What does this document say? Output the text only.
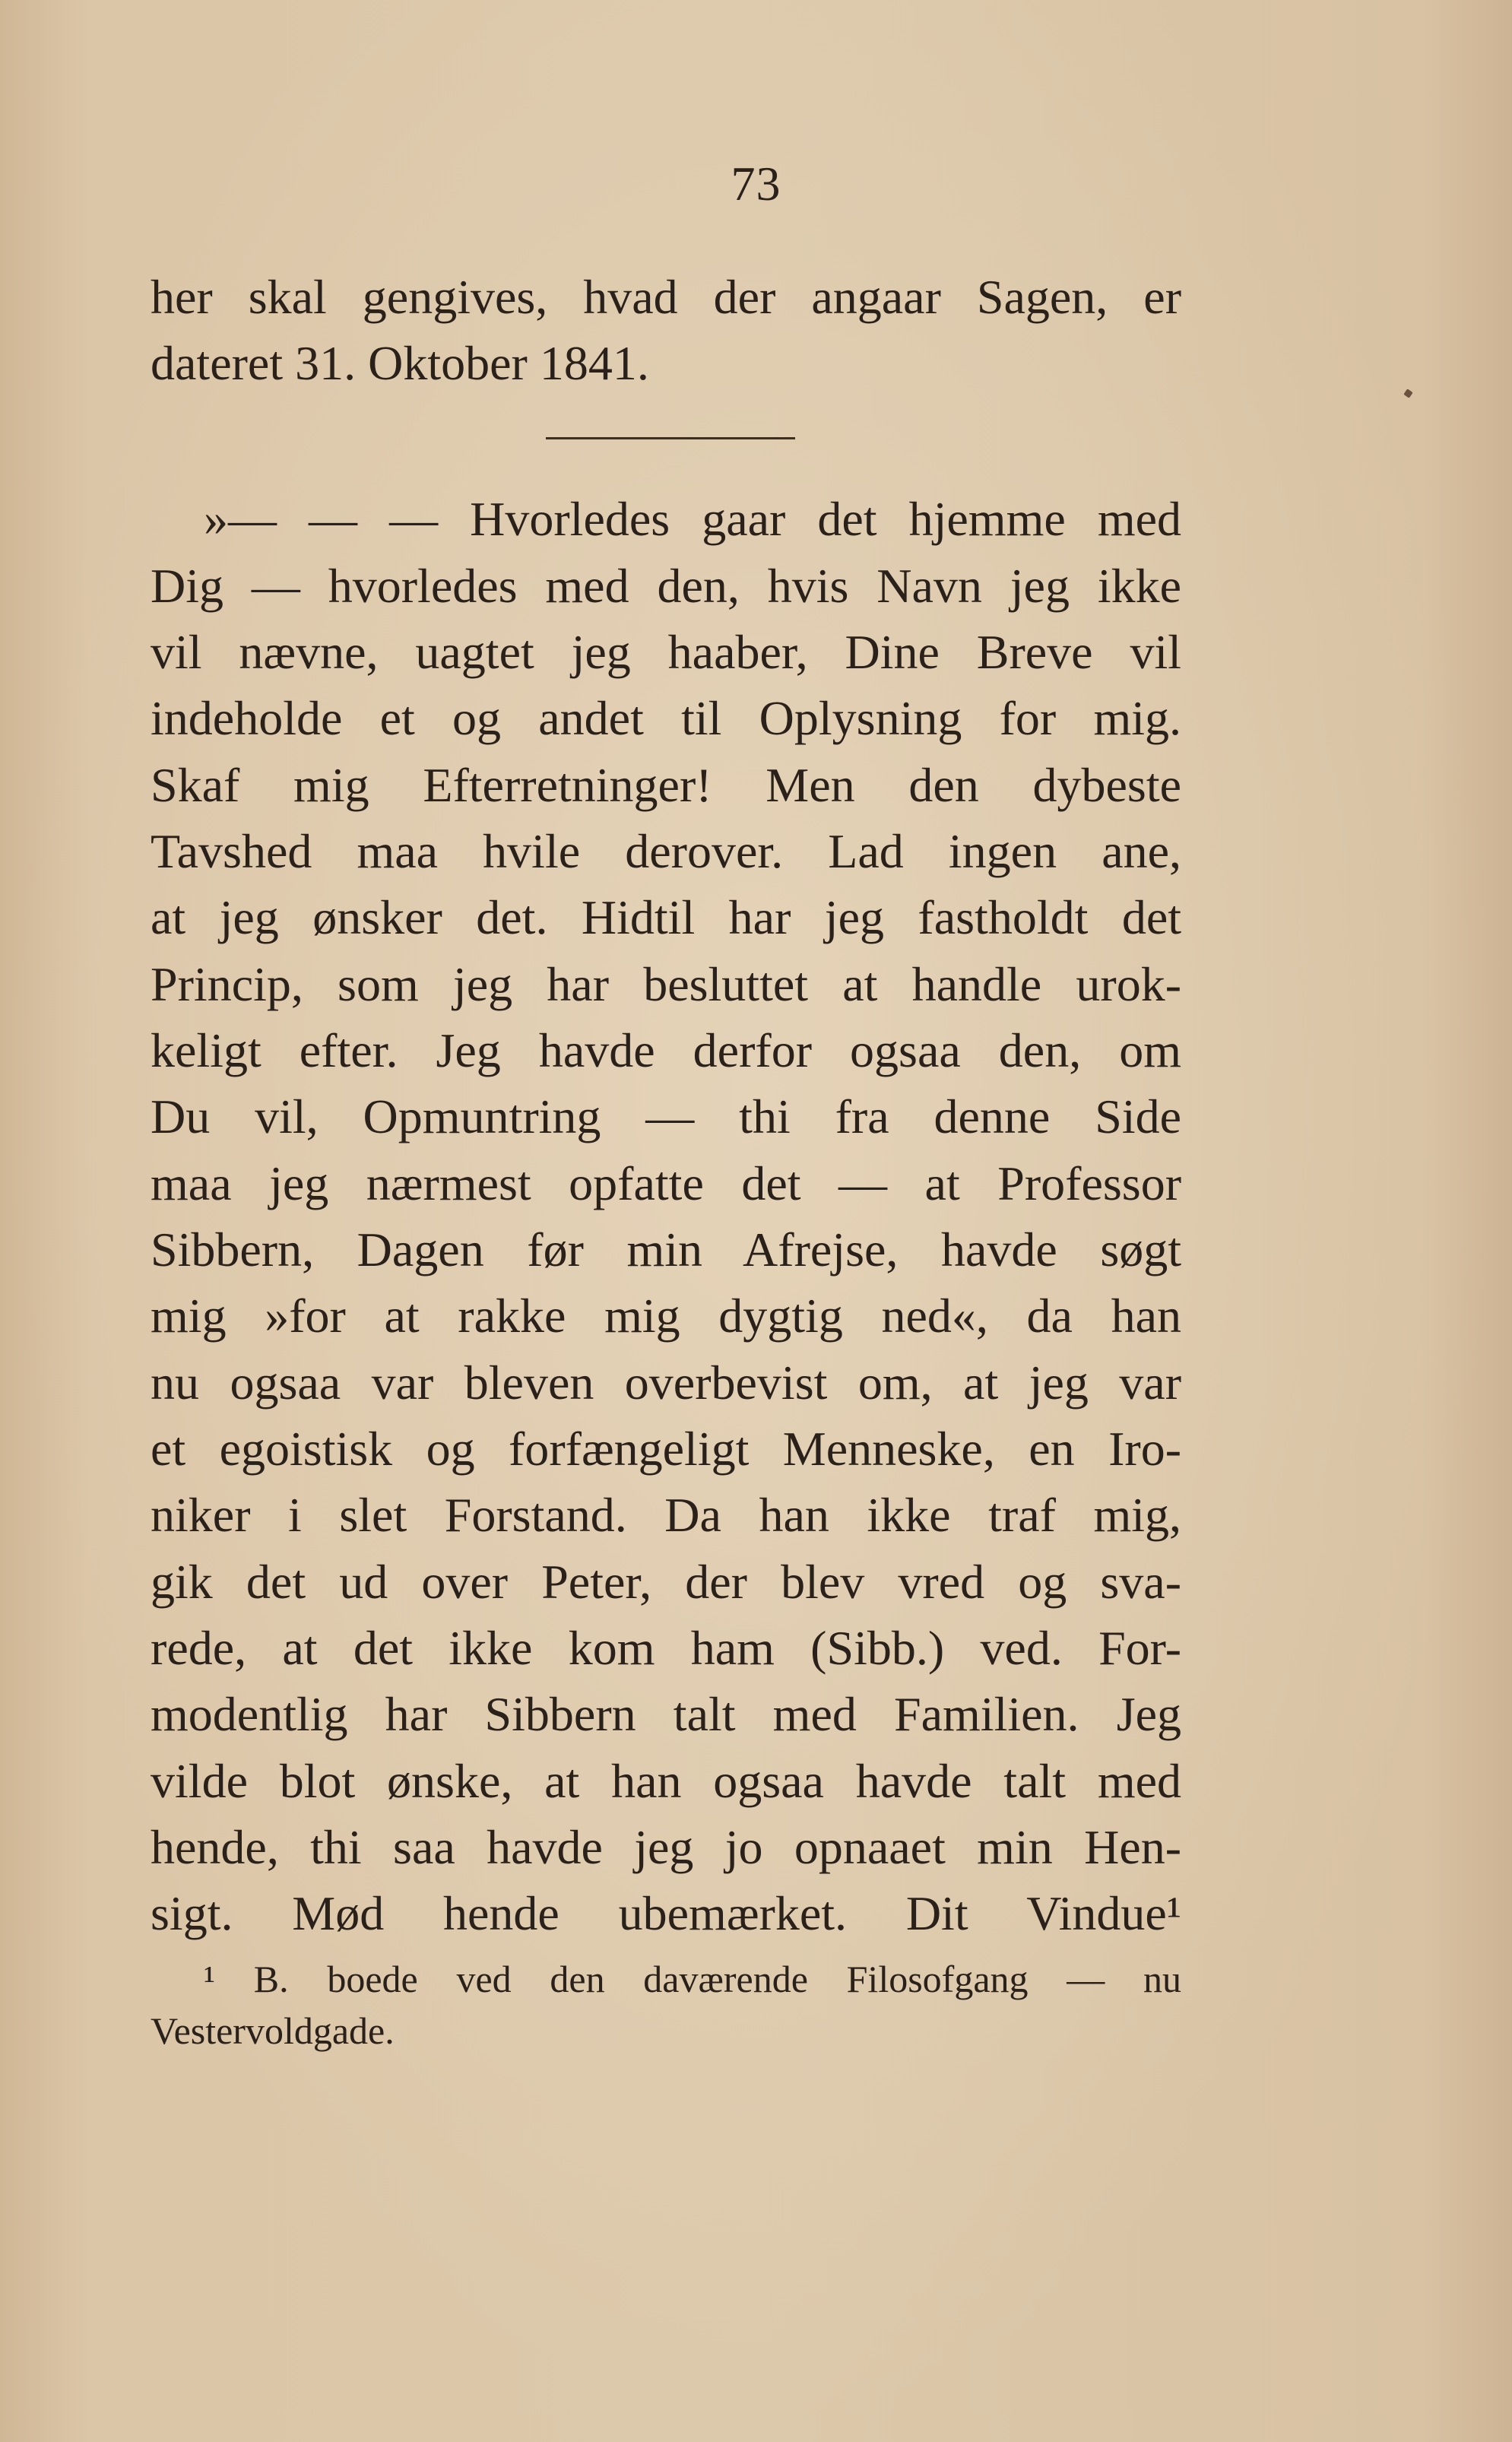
73
her skal gengives, hvad der angaar Sagen, er
dateret 31. Oktober 1841.
»— — — Hvorledes gaar det hjemme med
Dig — hvorledes med den, hvis Navn jeg ikke
vil nævne, uagtet jeg haaber, Dine Breve vil
indeholde et og andet til Oplysning for mig.
Skaf mig Efterretninger! Men den dybeste
Tavshed maa hvile derover. Lad ingen ane,
at jeg ønsker det. Hidtil har jeg fastholdt det
Princip, som jeg har besluttet at handle urok-
keligt efter. Jeg havde derfor ogsaa den, om
Du vil, Opmuntring — thi fra denne Side
maa jeg nærmest opfatte det — at Professor
Sibbern, Dagen før min Afrejse, havde søgt
mig »for at rakke mig dygtig ned«, da han
nu ogsaa var bleven overbevist om, at jeg var
et egoistisk og forfængeligt Menneske, en Iro-
niker i slet Forstand. Da han ikke traf mig,
gik det ud over Peter, der blev vred og sva-
rede, at det ikke kom ham (Sibb.) ved. For-
modentlig har Sibbern talt med Familien. Jeg
vilde blot ønske, at han ogsaa havde talt med
hende, thi saa havde jeg jo opnaaet min Hen-
sigt. Mød hende ubemærket. Dit Vindue¹
¹ B. boede ved den daværende Filosofgang — nu
Vestervoldgade.
